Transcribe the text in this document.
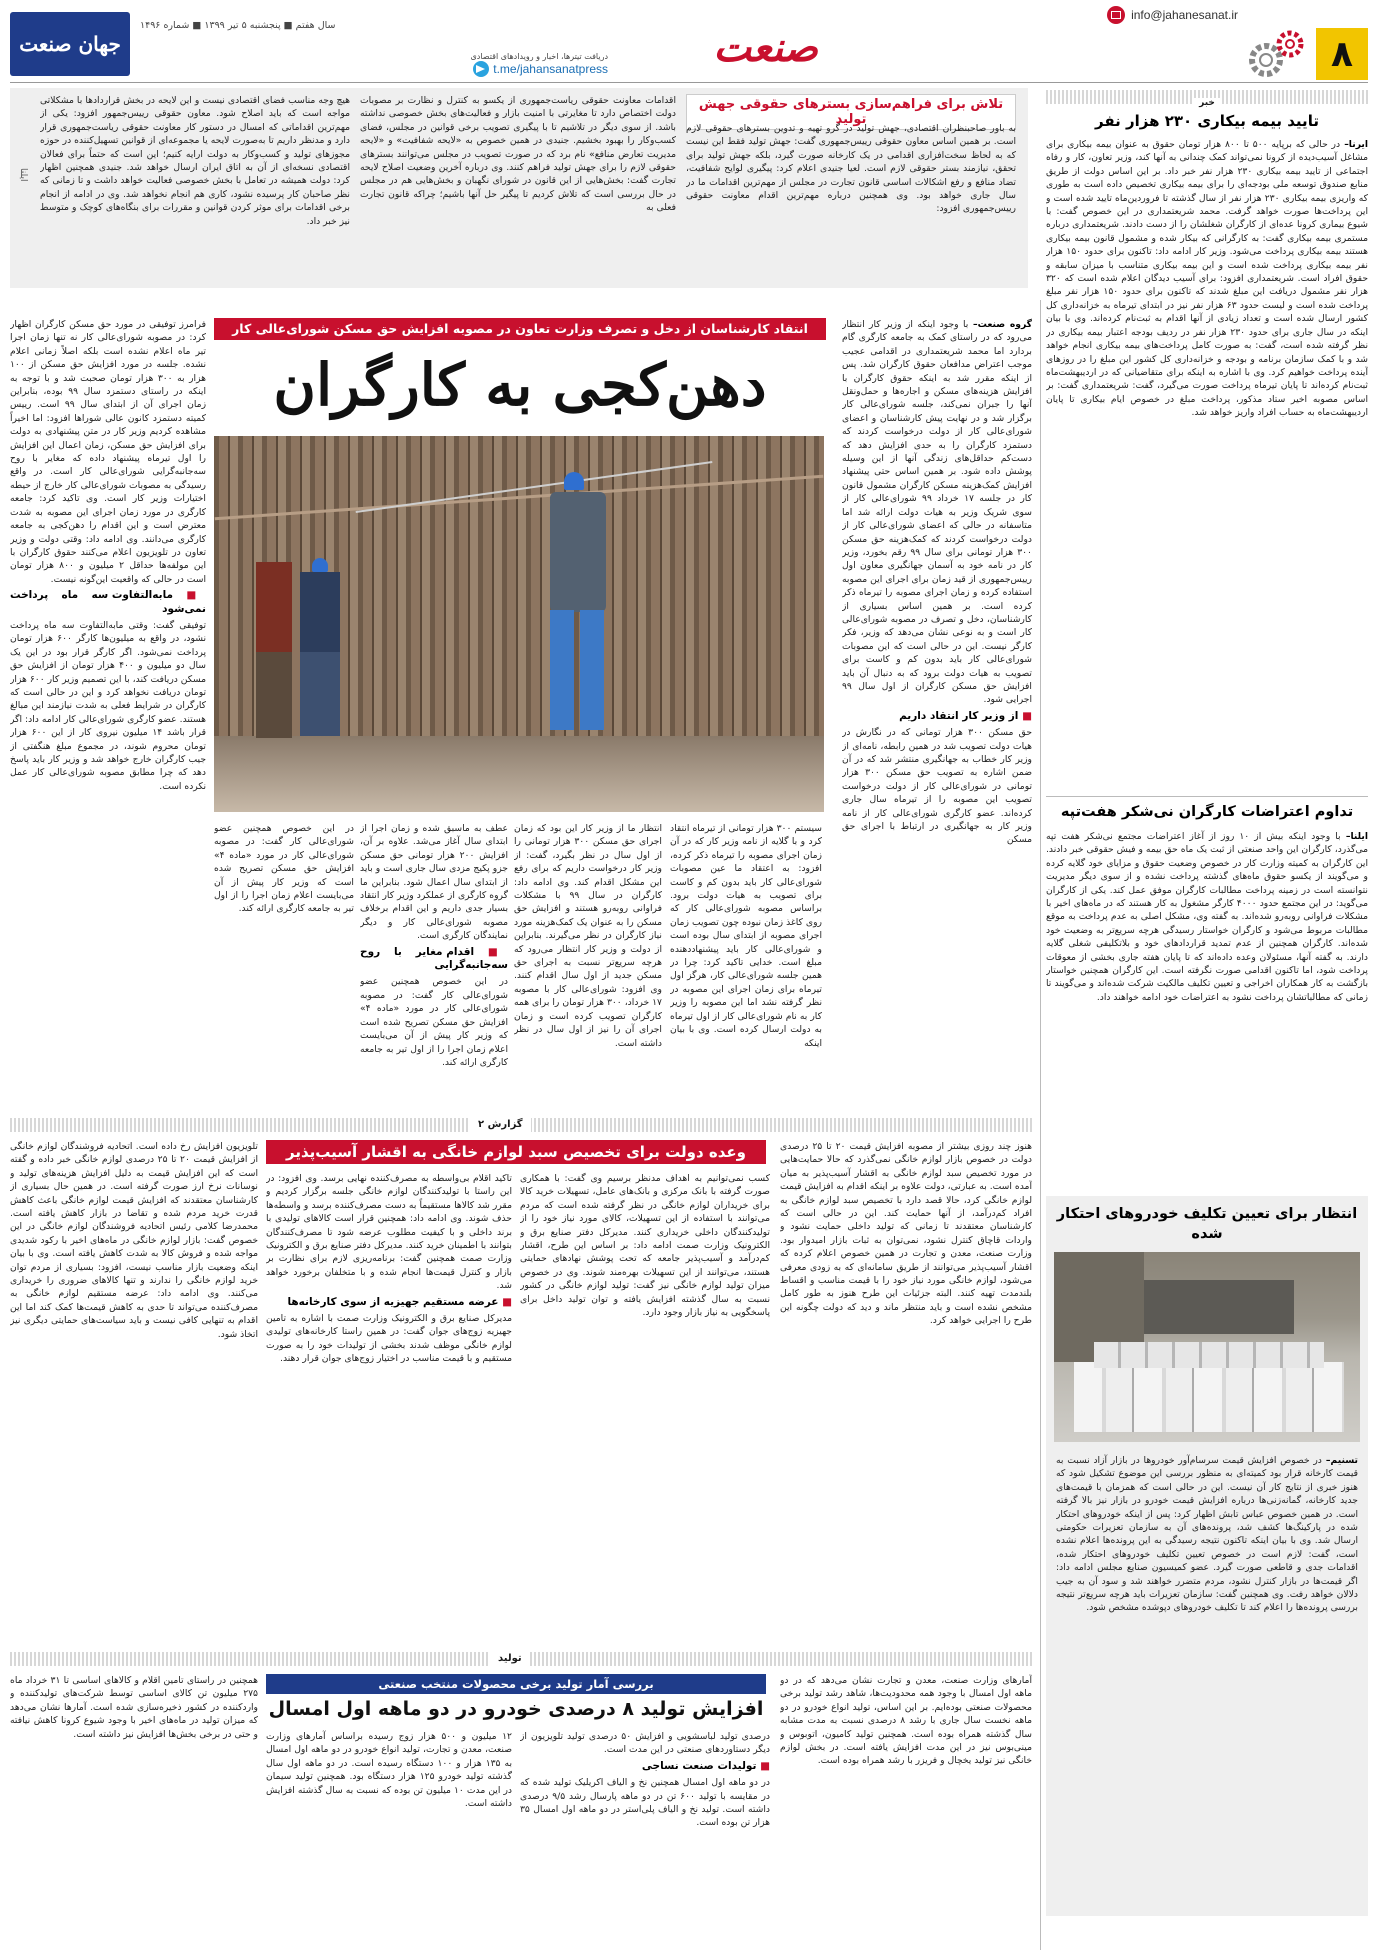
۸
info@jahanesanat.ir
صنعت
دریافت تیترها، اخبار و رویدادهای اقتصادی
t.me/jahansanatpress
سال هفتم ■ پنجشنبه ۵ تیر ۱۳۹۹ ■ شماره ۱۴۹۶
جهان صنعت
تلاش برای فراهم‌سازی بسترهای حقوقی جهش تولید
به باور صاحبنظران اقتصادی، جهش تولید در گرو تهیه و تدوین بسترهای حقوقی لازم است. بر همین اساس معاون حقوقی رییس‌جمهوری گفت: جهش تولید فقط این نیست که به لحاظ سخت‌افزاری اقدامی در یک کارخانه صورت گیرد، بلکه جهش تولید برای تحقق، نیازمند بستر حقوقی لازم است. لعیا جنیدی اعلام کرد: پیگیری لوایح شفافیت، تضاد منافع و رفع اشکالات اساسی قانون تجارت در مجلس از مهم‌ترین اقدامات ما در سال جاری خواهد بود. وی همچنین درباره مهم‌ترین اقدام معاونت حقوقی رییس‌جمهوری افزود:
اقدامات معاونت حقوقی ریاست‌جمهوری از یکسو به کنترل و نظارت بر مصوبات دولت اختصاص دارد تا مغایرتی با امنیت بازار و فعالیت‌های بخش خصوصی نداشته باشد. از سوی دیگر در تلاشیم تا با پیگیری تصویب برخی قوانین در مجلس، فضای کسب‌وکار را بهبود بخشیم. جنیدی در همین خصوص به «لایحه شفافیت» و «لایحه مدیریت تعارض منافع» نام برد که در صورت تصویب در مجلس می‌توانند بسترهای حقوقی لازم را برای جهش تولید فراهم کنند. وی درباره آخرین وضعیت اصلاح لایحه تجارت گفت: بخش‌هایی از این قانون در شورای نگهبان و بخش‌هایی هم در مجلس در حال بررسی است که تلاش کردیم تا پیگیر حل آنها باشیم؛ چراکه قانون تجارت فعلی به
هیچ وجه مناسب فضای اقتصادی نیست و این لایحه در بخش قراردادها با مشکلاتی مواجه است که باید اصلاح شود. معاون حقوقی رییس‌جمهور افزود: یکی از مهم‌ترین اقداماتی که امسال در دستور کار معاونت حقوقی ریاست‌جمهوری قرار دارد و مدنظر داریم تا به‌صورت لایحه یا مجموعه‌ای از قوانین تسهیل‌کننده در حوزه مجوزهای تولید و کسب‌وکار به دولت ارایه کنیم؛ این است که حتماً برای فعالان اقتصادی نسخه‌ای از آن به اتاق ایران ارسال خواهد شد. جنیدی همچنین اظهار کرد: دولت همیشه در تعامل با بخش خصوصی فعالیت خواهد داشت و تا زمانی که نظر صاحبان کار پرسیده نشود، کاری هم انجام نخواهد شد. وی در ادامه از انجام برخی اقدامات برای موثر کردن قوانین و مقررات برای بنگاه‌های کوچک و متوسط نیز خبر داد.
ایلنا
خبر
تایید بیمه بیکاری ۲۳۰ هزار نفر
ایرنا– در حالی که برپایه ۵۰۰ تا ۸۰۰ هزار تومان حقوق به عنوان بیمه بیکاری برای مشاغل آسیب‌دیده از کرونا نمی‌تواند کمک چندانی به آنها کند، وزیر تعاون، کار و رفاه اجتماعی از تایید بیمه بیکاری ۲۳۰ هزار نفر خبر داد. بر این اساس دولت از طریق منابع صندوق توسعه ملی بودجه‌ای را برای بیمه بیکاری تخصیص داده است به طوری که واریزی بیمه بیکاری ۲۳۰ هزار نفر از سال گذشته تا فروردین‌ماه تایید شده است و این پرداخت‌ها صورت خواهد گرفت. محمد شریعتمداری در این خصوص گفت: با شیوع بیماری کرونا عده‌ای از کارگران شغلشان را از دست دادند. شریعتمداری درباره مستمری بیمه بیکاری گفت: به کارگرانی که بیکار شده و مشمول قانون بیمه بیکاری هستند بیمه بیکاری پرداخت می‌شود. وزیر کار ادامه داد: تاکنون برای حدود ۱۵۰ هزار نفر بیمه بیکاری پرداخت شده است و این بیمه بیکاری متناسب با میزان سابقه و حقوق افراد است. شریعتمداری افزود: برای آسیب دیدگان اعلام شده است که ۳۲۰ هزار نفر مشمول دریافت این مبلغ شدند که تاکنون برای حدود ۱۵۰ هزار نفر مبلغ پرداخت شده است و لیست حدود ۶۳ هزار نفر نیز در ابتدای تیرماه به خزانه‌داری کل کشور ارسال شده است و تعداد زیادی از آنها اقدام به ثبت‌نام کرده‌اند. وی با بیان اینکه در سال جاری برای حدود ۲۳۰ هزار نفر در ردیف بودجه اعتبار بیمه بیکاری در نظر گرفته شده است، گفت: به صورت کامل پرداخت‌های بیمه بیکاری انجام خواهد شد و با کمک سازمان برنامه و بودجه و خزانه‌داری کل کشور این مبلغ را در روزهای آینده پرداخت خواهیم کرد. وی با اشاره به اینکه برای متقاضیانی که در اردیبهشت‌ماه ثبت‌نام کرده‌اند تا پایان تیرماه پرداخت صورت می‌گیرد، گفت: شریعتمداری گفت: بر اساس مصوبه اخیر ستاد مذکور، پرداخت مبلغ در خصوص ایام بیکاری تا پایان اردیبهشت‌ماه به حساب افراد واریز خواهد شد.
تداوم اعتراضات کارگران نی‌شکر هفت‌تپه
ایلنا– با وجود اینکه بیش از ۱۰ روز از آغاز اعتراضات مجتمع نی‌شکر هفت تپه می‌گذرد، کارگران این واحد صنعتی از ثبت یک ماه حق بیمه و فیش حقوقی خبر دادند. این کارگران به کمیته وزارت کار در خصوص وضعیت حقوق و مزایای خود گلایه کرده و می‌گویند از یکسو حقوق ماه‌های گذشته پرداخت نشده و از سوی دیگر مدیریت نتوانسته است در زمینه پرداخت مطالبات کارگران موفق عمل کند. یکی از کارگران می‌گوید: در این مجتمع حدود ۴۰۰۰ کارگر مشغول به کار هستند که در ماه‌های اخیر با مشکلات فراوانی روبه‌رو شده‌اند. به گفته وی، مشکل اصلی به عدم پرداخت به موقع مطالبات مربوط می‌شود و کارگران خواستار رسیدگی هرچه سریع‌تر به وضعیت خود شده‌اند. کارگران همچنین از عدم تمدید قراردادهای خود و بلاتکلیفی شغلی گلایه دارند. به گفته آنها، مسئولان وعده داده‌اند که تا پایان هفته جاری بخشی از معوقات پرداخت شود، اما تاکنون اقدامی صورت نگرفته است. این کارگران همچنین خواستار بازگشت به کار همکاران اخراجی و تعیین تکلیف مالکیت شرکت شده‌اند و می‌گویند تا زمانی که مطالباتشان پرداخت نشود به اعتراضات خود ادامه خواهند داد.
انتظار برای تعیین تکلیف خودروهای احتکار شده
تسنیم– در خصوص افزایش قیمت سرسام‌آور خودروها در بازار آزاد نسبت به قیمت کارخانه قرار بود کمیته‌ای به منظور بررسی این موضوع تشکیل شود که هنوز خبری از نتایج کار آن نیست. این در حالی است که همزمان با قیمت‌های جدید کارخانه، گمانه‌زنی‌ها درباره افزایش قیمت خودرو در بازار نیز بالا گرفته است. در همین خصوص عباس تابش اظهار کرد: پس از اینکه خودروهای احتکار شده در پارکینگ‌ها کشف شد، پرونده‌های آن به سازمان تعزیرات حکومتی ارسال شد. وی با بیان اینکه تاکنون نتیجه رسیدگی به این پرونده‌ها اعلام نشده است، گفت: لازم است در خصوص تعیین تکلیف خودروهای احتکار شده، اقدامات جدی و قاطعی صورت گیرد. عضو کمیسیون صنایع مجلس ادامه داد: اگر قیمت‌ها در بازار کنترل نشود، مردم متضرر خواهند شد و سود آن به جیب دلالان خواهد رفت. وی همچنین گفت: سازمان تعزیرات باید هرچه سریع‌تر نتیجه بررسی پرونده‌ها را اعلام کند تا تکلیف خودروهای دپوشده مشخص شود.
انتقاد کارشناسان از دخل و تصرف وزارت تعاون در مصوبه افزایش حق مسکن شورای‌عالی کار
دهن‌کجی به کارگران
گروه صنعت– با وجود اینکه از وزیر کار انتظار می‌رود که در راستای کمک به جامعه کارگری گام بردارد اما محمد شریعتمداری در اقدامی عجیب موجب اعتراض مدافعان حقوق کارگران شد. پس از اینکه مقرر شد به اینکه حقوق کارگران با افزایش هزینه‌های مسکن و اجاره‌ها و حمل‌ونقل آنها را جبران نمی‌کند، جلسه شورای‌عالی کار برگزار شد و در نهایت پیش کارشناسان و اعضای شورای‌عالی کار از دولت درخواست کردند که دستمزد کارگران را به حدی افزایش دهد که دست‌کم حداقل‌های زندگی آنها از این وسیله پوشش داده شود. بر همین اساس حتی پیشنهاد افزایش کمک‌هزینه مسکن کارگران مشمول قانون کار در جلسه ۱۷ خرداد ۹۹ شورای‌عالی کار از سوی شریک وزیر به هیات دولت ارائه شد اما متاسفانه در حالی که اعضای شورای‌عالی کار از دولت درخواست کردند که کمک‌هزینه حق مسکن ۳۰۰ هزار تومانی برای سال ۹۹ رقم بخورد، وزیر کار در نامه خود به آسمان جهانگیری معاون اول رییس‌جمهوری از قید زمان برای اجرای این مصوبه استفاده کرده و زمان اجرای مصوبه را تیرماه ذکر کرده است. بر همین اساس بسیاری از کارشناسان، دخل و تصرف در مصوبه شورای‌عالی کار است و به نوعی نشان می‌دهد که وزیر، فکر کارگر نیست. این در حالی است که این مصوبات شورای‌عالی کار باید بدون کم و کاست برای تصویب به هیات دولت برود که به دنبال آن باید افزایش حق مسکن کارگران از اول سال ۹۹ اجرایی شود.
■ از وزیر کار انتقاد داریم
حق مسکن ۳۰۰ هزار تومانی که در نگارش در هیات دولت تصویب شد در همین رابطه، نامه‌ای از وزیر کار خطاب به جهانگیری منتشر شد که در آن ضمن اشاره به تصویب حق مسکن ۳۰۰ هزار تومانی در شورای‌عالی کار از دولت درخواست تصویب این مصوبه را از تیرماه سال جاری کرده‌اند. عضو کارگری شورای‌عالی کار از نامه وزیر کار به جهانگیری در ارتباط با اجرای حق مسکن
سیستم ۳۰۰ هزار تومانی از تیرماه انتقاد کرد و با گلایه از نامه وزیر کار که در آن زمان اجرای مصوبه را تیرماه ذکر کرده، افزود: به اعتقاد ما عین مصوبات شورای‌عالی کار باید بدون کم و کاست برای تصویب به هیات دولت برود. براساس مصوبه شورای‌عالی کار که روی کاغذ زمان نبوده چون تصویب زمان اجرای مصوبه از ابتدای سال بوده است و شورای‌عالی کار باید پیشنهاددهنده مبلغ است. خدایی تاکید کرد: چرا در همین جلسه شورای‌عالی کار، هرگز اول تیرماه برای زمان اجرای این مصوبه در نظر گرفته نشد اما این مصوبه را وزیر کار به نام شورای‌عالی کار از اول تیرماه به دولت ارسال کرده است. وی با بیان اینکه
انتظار ما از وزیر کار این بود که زمان اجرای حق مسکن ۳۰۰ هزار تومانی را از اول سال در نظر بگیرد، گفت: از وزیر کار درخواست داریم که برای رفع این مشکل اقدام کند. وی ادامه داد: کارگران در سال ۹۹ با مشکلات فراوانی روبه‌رو هستند و افزایش حق مسکن را به عنوان یک کمک‌هزینه مورد نیاز کارگران در نظر می‌گیرند. بنابراین از دولت و وزیر کار انتظار می‌رود که هرچه سریع‌تر نسبت به اجرای حق مسکن جدید از اول سال اقدام کنند. وی افزود: شورای‌عالی کار با مصوبه ۱۷ خرداد، ۳۰۰ هزار تومان را برای همه کارگران تصویب کرده است و زمان اجرای آن را نیز از اول سال در نظر داشته است.
عطف به ماسبق شده و زمان اجرا از ابتدای سال آغاز می‌شد. علاوه بر آن، افزایش ۲۰۰ هزار تومانی حق مسکن جزو پکیج مزدی سال جاری است و باید از ابتدای سال اعمال شود. بنابراین ما گروه کارگری از عملکرد وزیر کار انتقاد بسیار جدی داریم و این اقدام برخلاف مصوبه شورای‌عالی کار و دیگر نمایندگان کارگری است.
■ اقدام مغایر با روح سه‌جانبه‌گرایی
در این خصوص همچنین عضو شورای‌عالی کار گفت: در مصوبه شورای‌عالی کار در مورد «ماده ۴» افزایش حق مسکن تصریح شده است که وزیر کار پیش از آن می‌بایست اعلام زمان اجرا را از اول تیر به جامعه کارگری ارائه کند.
در این خصوص همچنین عضو شورای‌عالی کار گفت: در مصوبه شورای‌عالی کار در مورد «ماده ۴» افزایش حق مسکن تصریح شده است که وزیر کار پیش از آن می‌بایست اعلام زمان اجرا را از اول تیر به جامعه کارگری ارائه کند.
فرامرز توفیقی در مورد حق مسکن کارگران اظهار کرد: در مصوبه شورای‌عالی کار نه تنها زمان اجرا تیر ماه اعلام نشده است بلکه اصلاً زمانی اعلام نشده. جلسه در مورد افزایش حق مسکن از ۱۰۰ هزار به ۳۰۰ هزار تومان صحبت شد و با توجه به اینکه در راستای دستمزد سال ۹۹ بوده، بنابراین زمان اجرای آن از ابتدای سال ۹۹ است. رییس کمیته دستمزد کانون عالی شوراها افزود: اما اخیراً مشاهده کردیم وزیر کار در متن پیشنهادی به دولت برای افزایش حق مسکن، زمان اعمال این افزایش را اول تیرماه پیشنهاد داده که مغایر با روح سه‌جانبه‌گرایی شورای‌عالی کار است. در واقع رسیدگی به مصوبات شورای‌عالی کار خارج از حیطه اختیارات وزیر کار است. وی تاکید کرد: جامعه کارگری در مورد زمان اجرای این مصوبه به شدت معترض است و این اقدام را دهن‌کجی به جامعه کارگری می‌دانند. وی ادامه داد: وقتی دولت و وزیر تعاون در تلویزیون اعلام می‌کنند حقوق کارگران با این مولفه‌ها حداقل ۲ میلیون و ۸۰۰ هزار تومان است در حالی که واقعیت این‌گونه نیست.
■ مابه‌التفاوت سه ماه پرداخت نمی‌شود
توفیقی گفت: وقتی مابه‌التفاوت سه ماه پرداخت نشود، در واقع به میلیون‌ها کارگر ۶۰۰ هزار تومان پرداخت نمی‌شود. اگر کارگر قرار بود در این یک سال دو میلیون و ۴۰۰ هزار تومان از افزایش حق مسکن دریافت کند، با این تصمیم وزیر کار ۶۰۰ هزار تومان دریافت نخواهد کرد و این در حالی است که کارگران در شرایط فعلی به شدت نیازمند این مبالغ هستند. عضو کارگری شورای‌عالی کار ادامه داد: اگر قرار باشد ۱۴ میلیون نیروی کار از این ۶۰۰ هزار تومان محروم شوند، در مجموع مبلغ هنگفتی از جیب کارگران خارج خواهد شد و وزیر کار باید پاسخ دهد که چرا مطابق مصوبه شورای‌عالی کار عمل نکرده است.
گزارش ۲
وعده دولت برای تخصیص سبد لوازم خانگی به اقشار آسیب‌پذیر	هنوز چند روزی بیشتر از مصوبه افزایش قیمت ۲۰ تا ۲۵ درصدی دولت در خصوص بازار لوازم خانگی نمی‌گذرد که حالا حمایت‌هایی در مورد تخصیص سبد لوازم خانگی به اقشار آسیب‌پذیر به میان آمده است. به عبارتی، دولت علاوه بر اینکه اقدام به افزایش قیمت لوازم خانگی کرد، حالا قصد دارد با تخصیص سبد لوازم خانگی به افراد کم‌درآمد، از آنها حمایت کند. این در حالی است که کارشناسان معتقدند تا زمانی که تولید داخلی حمایت نشود و واردات قاچاق کنترل نشود، نمی‌توان به ثبات بازار امیدوار بود. وزارت صنعت، معدن و تجارت در همین خصوص اعلام کرده که اقشار آسیب‌پذیر می‌توانند از طریق سامانه‌ای که به زودی معرفی می‌شود، لوازم خانگی مورد نیاز خود را با قیمت مناسب و اقساط بلندمدت تهیه کنند. البته جزئیات این طرح هنوز به طور کامل مشخص نشده است و باید منتظر ماند و دید که دولت چگونه این طرح را اجرایی خواهد کرد.
کسب نمی‌توانیم به اهداف مدنظر برسیم وی گفت: با همکاری صورت گرفته با بانک مرکزی و بانک‌های عامل، تسهیلات خرید کالا برای خریداران لوازم خانگی در نظر گرفته شده است که مردم می‌توانند با استفاده از این تسهیلات، کالای مورد نیاز خود را از تولیدکنندگان داخلی خریداری کنند. مدیرکل دفتر صنایع برق و الکترونیک وزارت صمت ادامه داد: بر اساس این طرح، اقشار کم‌درآمد و آسیب‌پذیر جامعه که تحت پوشش نهادهای حمایتی هستند، می‌توانند از این تسهیلات بهره‌مند شوند. وی در خصوص میزان تولید لوازم خانگی نیز گفت: تولید لوازم خانگی در کشور نسبت به سال گذشته افزایش یافته و توان تولید داخل برای پاسخگویی به نیاز بازار وجود دارد.
تاکید اقلام بی‌واسطه به مصرف‌کننده نهایی برسد. وی افزود: در این راستا با تولیدکنندگان لوازم خانگی جلسه برگزار کردیم و مقرر شد کالاها مستقیماً به دست مصرف‌کننده برسد و واسطه‌ها حذف شوند. وی ادامه داد: همچنین قرار است کالاهای تولیدی با برند داخلی و با کیفیت مطلوب عرضه شود تا مصرف‌کنندگان بتوانند با اطمینان خرید کنند. مدیرکل دفتر صنایع برق و الکترونیک وزارت صمت همچنین گفت: برنامه‌ریزی لازم برای نظارت بر بازار و کنترل قیمت‌ها انجام شده و با متخلفان برخورد خواهد شد.
■ عرضه مستقیم جهیزیه از سوی کارخانه‌ها
مدیرکل صنایع برق و الکترونیک وزارت صمت با اشاره به تامین جهیزیه زوج‌های جوان گفت: در همین راستا کارخانه‌های تولیدی لوازم خانگی موظف شدند بخشی از تولیدات خود را به صورت مستقیم و با قیمت مناسب در اختیار زوج‌های جوان قرار دهند.
تلویزیون افزایش رخ داده است. اتحادیه فروشندگان لوازم خانگی از افزایش قیمت ۲۰ تا ۲۵ درصدی لوازم خانگی خبر داده و گفته است که این افزایش قیمت به دلیل افزایش هزینه‌های تولید و نوسانات نرخ ارز صورت گرفته است. در همین حال بسیاری از کارشناسان معتقدند که افزایش قیمت لوازم خانگی باعث کاهش قدرت خرید مردم شده و تقاضا در بازار کاهش یافته است. محمدرضا کلامی رئیس اتحادیه فروشندگان لوازم خانگی در این خصوص گفت: بازار لوازم خانگی در ماه‌های اخیر با رکود شدیدی مواجه شده و فروش کالا به شدت کاهش یافته است. وی با بیان اینکه وضعیت بازار مناسب نیست، افزود: بسیاری از مردم توان خرید لوازم خانگی را ندارند و تنها کالاهای ضروری را خریداری می‌کنند. وی ادامه داد: عرضه مستقیم لوازم خانگی به مصرف‌کننده می‌تواند تا حدی به کاهش قیمت‌ها کمک کند اما این اقدام به تنهایی کافی نیست و باید سیاست‌های حمایتی دیگری نیز اتخاذ شود.
تولید
بررسی آمار تولید برخی محصولات منتخب صنعتی
افزایش تولید ۸ درصدی خودرو در دو ماهه اول امسال
آمارهای وزارت صنعت، معدن و تجارت نشان می‌دهد که در دو ماهه اول امسال با وجود همه محدودیت‌ها، شاهد رشد تولید برخی محصولات صنعتی بوده‌ایم. بر این اساس، تولید انواع خودرو در دو ماهه نخست سال جاری با رشد ۸ درصدی نسبت به مدت مشابه سال گذشته همراه بوده است. همچنین تولید کامیون، اتوبوس و مینی‌بوس نیز در این مدت افزایش یافته است. در بخش لوازم خانگی نیز تولید یخچال و فریزر با رشد همراه بوده است.
درصدی تولید لباسشویی و افزایش ۵۰ درصدی تولید تلویزیون از دیگر دستاوردهای صنعتی در این مدت است.
■ تولیدات صنعت نساجی
در دو ماهه اول امسال همچنین نخ و الیاف اکریلیک تولید شده که در مقایسه با تولید ۶۰۰ تن در دو ماهه پارسال رشد ۹/۵ درصدی داشته است. تولید نخ و الیاف پلی‌استر در دو ماهه اول امسال ۳۵ هزار تن بوده است.
۱۲ میلیون و ۵۰۰ هزار زوج رسیده براساس آمارهای وزارت صنعت، معدن و تجارت، تولید انواع خودرو در دو ماهه اول امسال به ۱۳۵ هزار و ۱۰۰ دستگاه رسیده است. در دو ماهه اول سال گذشته تولید خودرو ۱۲۵ هزار دستگاه بود. همچنین تولید سیمان در این مدت ۱۰ میلیون تن بوده که نسبت به سال گذشته افزایش داشته است.
همچنین در راستای تامین اقلام و کالاهای اساسی تا ۳۱ خرداد ماه ۲۷۵ میلیون تن کالای اساسی توسط شرکت‌های تولیدکننده و وارد‌کننده در کشور ذخیره‌سازی شده است. آمارها نشان می‌دهد که میزان تولید در ماه‌های اخیر با وجود شیوع کرونا کاهش نیافته و حتی در برخی بخش‌ها افزایش نیز داشته است.
